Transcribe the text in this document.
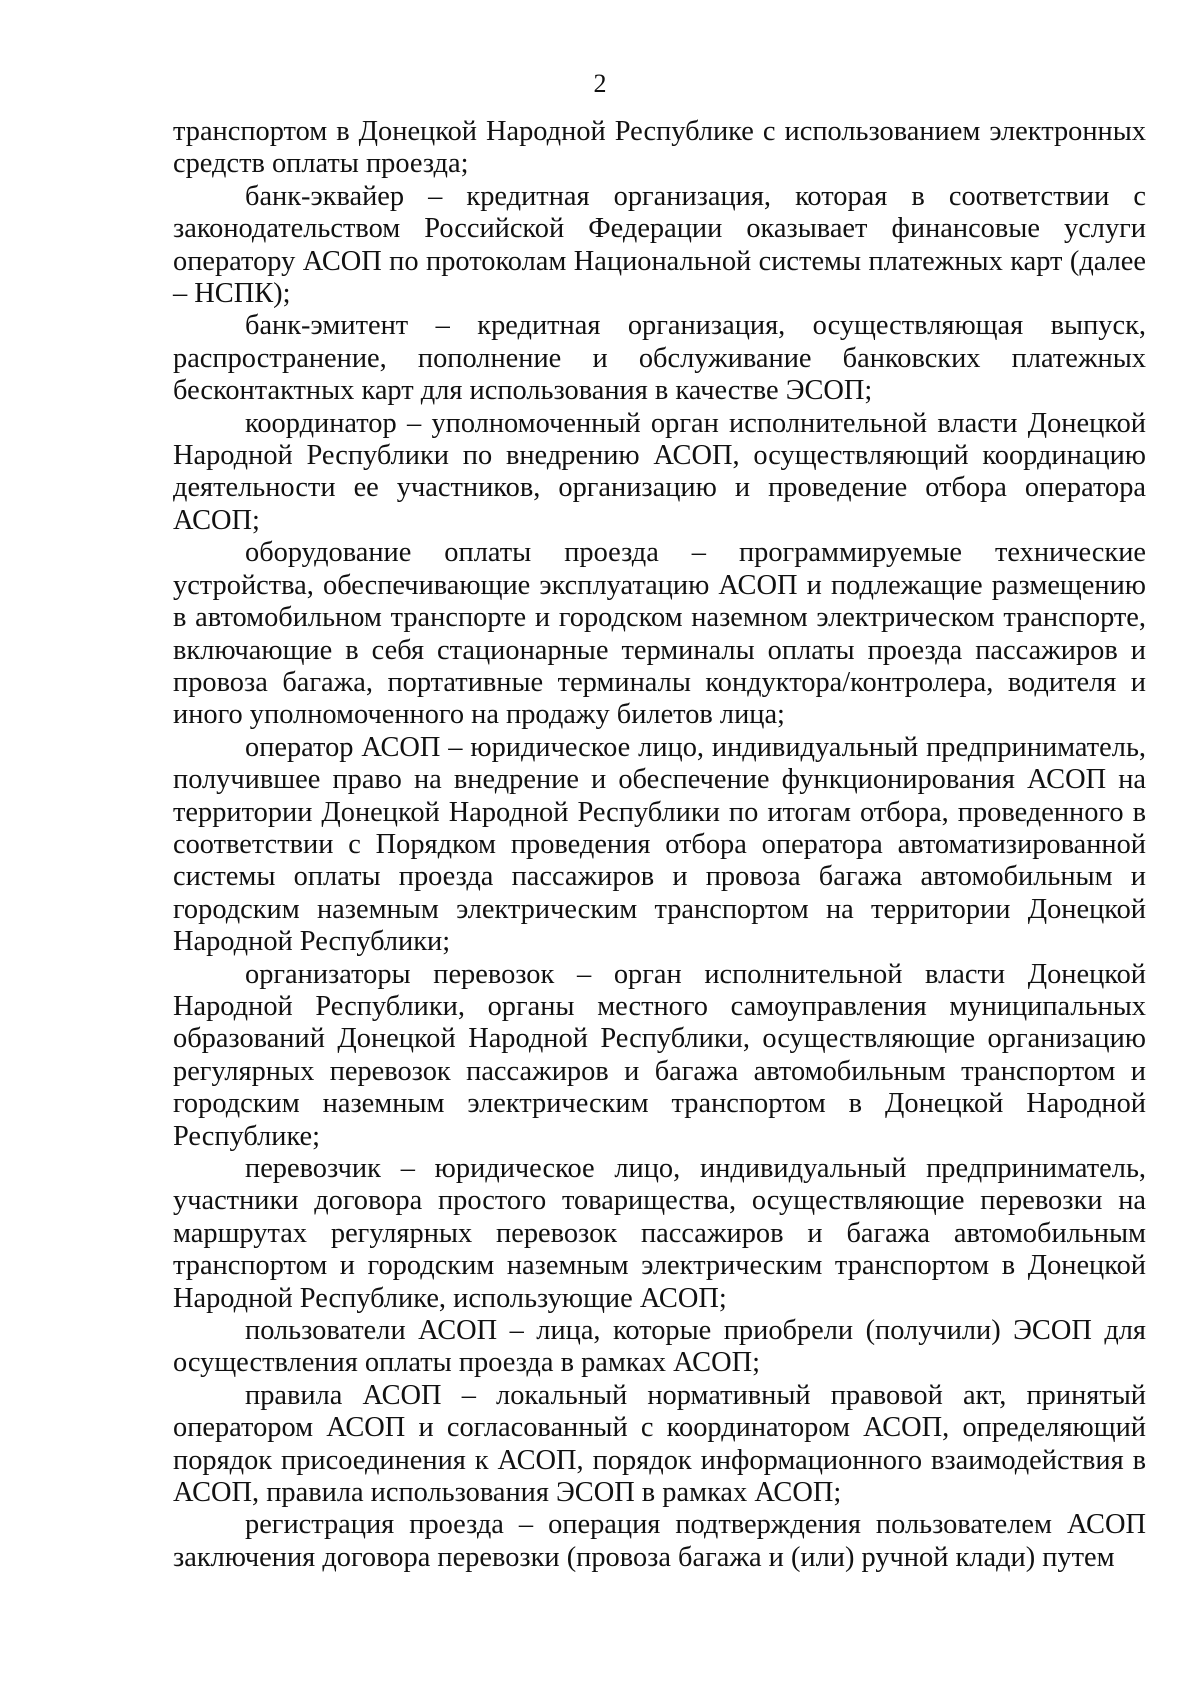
2

транспортом в Донецкой Народной Республике с использованием электронных средств оплаты проезда;

банк-эквайер – кредитная организация, которая в соответствии с законодательством Российской Федерации оказывает финансовые услуги оператору АСОП по протоколам Национальной системы платежных карт (далее – НСПК);

банк-эмитент – кредитная организация, осуществляющая выпуск, распространение, пополнение и обслуживание банковских платежных бесконтактных карт для использования в качестве ЭСОП;

координатор – уполномоченный орган исполнительной власти Донецкой Народной Республики по внедрению АСОП, осуществляющий координацию деятельности ее участников, организацию и проведение отбора оператора АСОП;

оборудование оплаты проезда – программируемые технические устройства, обеспечивающие эксплуатацию АСОП и подлежащие размещению в автомобильном транспорте и городском наземном электрическом транспорте, включающие в себя стационарные терминалы оплаты проезда пассажиров и провоза багажа, портативные терминалы кондуктора/контролера, водителя и иного уполномоченного на продажу билетов лица;

оператор АСОП – юридическое лицо, индивидуальный предприниматель, получившее право на внедрение и обеспечение функционирования АСОП на территории Донецкой Народной Республики по итогам отбора, проведенного в соответствии с Порядком проведения отбора оператора автоматизированной системы оплаты проезда пассажиров и провоза багажа автомобильным и городским наземным электрическим транспортом на территории Донецкой Народной Республики;

организаторы перевозок – орган исполнительной власти Донецкой Народной Республики, органы местного самоуправления муниципальных образований Донецкой Народной Республики, осуществляющие организацию регулярных перевозок пассажиров и багажа автомобильным транспортом и городским наземным электрическим транспортом в Донецкой Народной Республике;

перевозчик – юридическое лицо, индивидуальный предприниматель, участники договора простого товарищества, осуществляющие перевозки на маршрутах регулярных перевозок пассажиров и багажа автомобильным транспортом и городским наземным электрическим транспортом в Донецкой Народной Республике, использующие АСОП;

пользователи АСОП – лица, которые приобрели (получили) ЭСОП для осуществления оплаты проезда в рамках АСОП;

правила АСОП – локальный нормативный правовой акт, принятый оператором АСОП и согласованный с координатором АСОП, определяющий порядок присоединения к АСОП, порядок информационного взаимодействия в АСОП, правила использования ЭСОП в рамках АСОП;

регистрация проезда – операция подтверждения пользователем АСОП заключения договора перевозки (провоза багажа и (или) ручной клади) путем
